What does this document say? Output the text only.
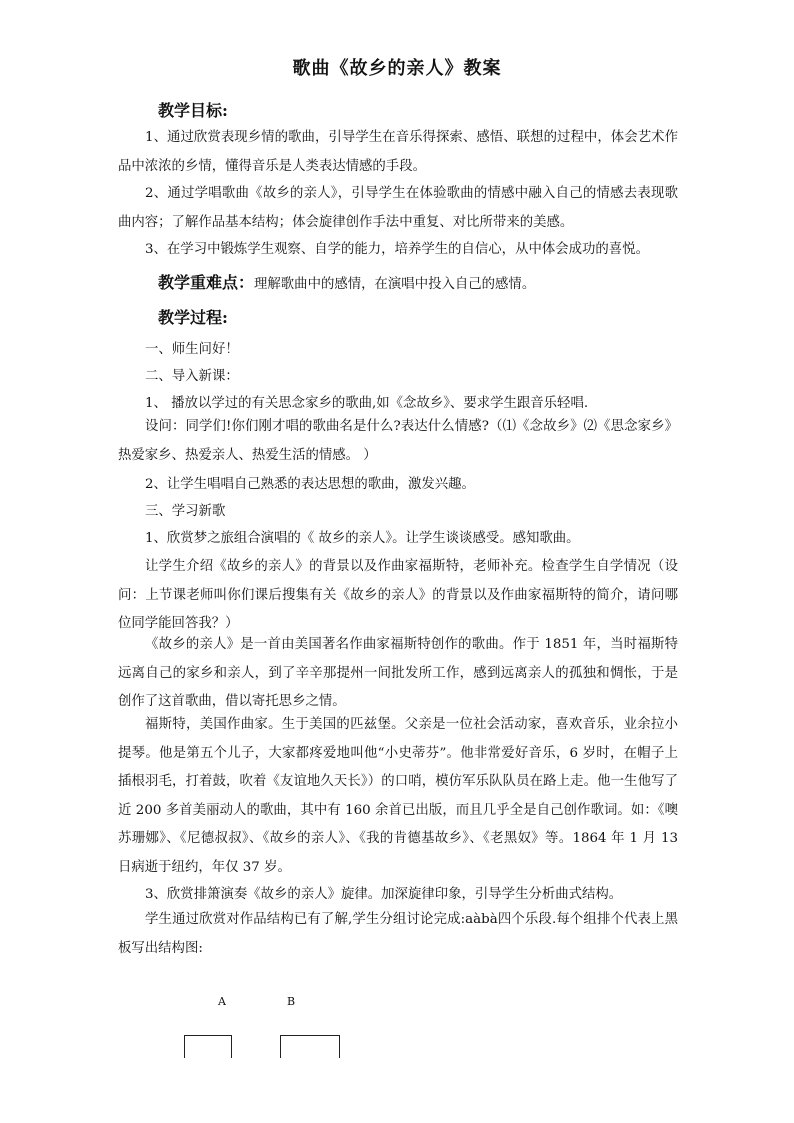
歌曲《故乡的亲人》教案
教学目标:
1、通过欣赏表现乡情的歌曲，引导学生在音乐得探索、感悟、联想的过程中，体会艺术作品中浓浓的乡情，懂得音乐是人类表达情感的手段。
2、通过学唱歌曲《故乡的亲人》，引导学生在体验歌曲的情感中融入自己的情感去表现歌曲内容；了解作品基本结构；体会旋律创作手法中重复、对比所带来的美感。
3、在学习中锻炼学生观察、自学的能力，培养学生的自信心，从中体会成功的喜悦。
教学重难点：理解歌曲中的感情，在演唱中投入自己的感情。
教学过程:
一、师生问好！
二、导入新课：
1、 播放以学过的有关思念家乡的歌曲,如《念故乡》、要求学生跟音乐轻唱.
设问：同学们!你们刚才唱的歌曲名是什么?表达什么情感?（⑴《念故乡》⑵《思念家乡》 热爱家乡、热爱亲人、热爱生活的情感。 ）
2、让学生唱唱自己熟悉的表达思想的歌曲，激发兴趣。
三、学习新歌
1、欣赏梦之旅组合演唱的《 故乡的亲人》。让学生谈谈感受。感知歌曲。
让学生介绍《故乡的亲人》的背景以及作曲家福斯特，老师补充。检查学生自学情况（设问：上节课老师叫你们课后搜集有关《故乡的亲人》的背景以及作曲家福斯特的简介，请问哪位同学能回答我？）
《故乡的亲人》是一首由美国著名作曲家福斯特创作的歌曲。作于 1851 年，当时福斯特远离自己的家乡和亲人，到了辛辛那提州一间批发所工作，感到远离亲人的孤独和惆怅，于是创作了这首歌曲，借以寄托思乡之情。
福斯特，美国作曲家。生于美国的匹兹堡。父亲是一位社会活动家，喜欢音乐，业余拉小提琴。他是第五个儿子，大家都疼爱地叫他“小史蒂芬”。他非常爱好音乐，6 岁时，在帽子上插根羽毛，打着鼓，吹着《友谊地久天长》）的口哨，模仿军乐队队员在路上走。他一生他写了近 200 多首美丽动人的歌曲，其中有 160 余首已出版，而且几乎全是自己创作歌词。如：《噢苏珊娜》、《尼德叔叔》、《故乡的亲人》、《我的肯德基故乡》、《老黑奴》等。1864 年 1 月 13 日病逝于纽约，年仅 37 岁。
3、欣赏排箫演奏《故乡的亲人》旋律。加深旋律印象，引导学生分析曲式结构。
学生通过欣赏对作品结构已有了解,学生分组讨论完成:aàbà四个乐段.每个组排个代表上黑板写出结构图:
A	B
